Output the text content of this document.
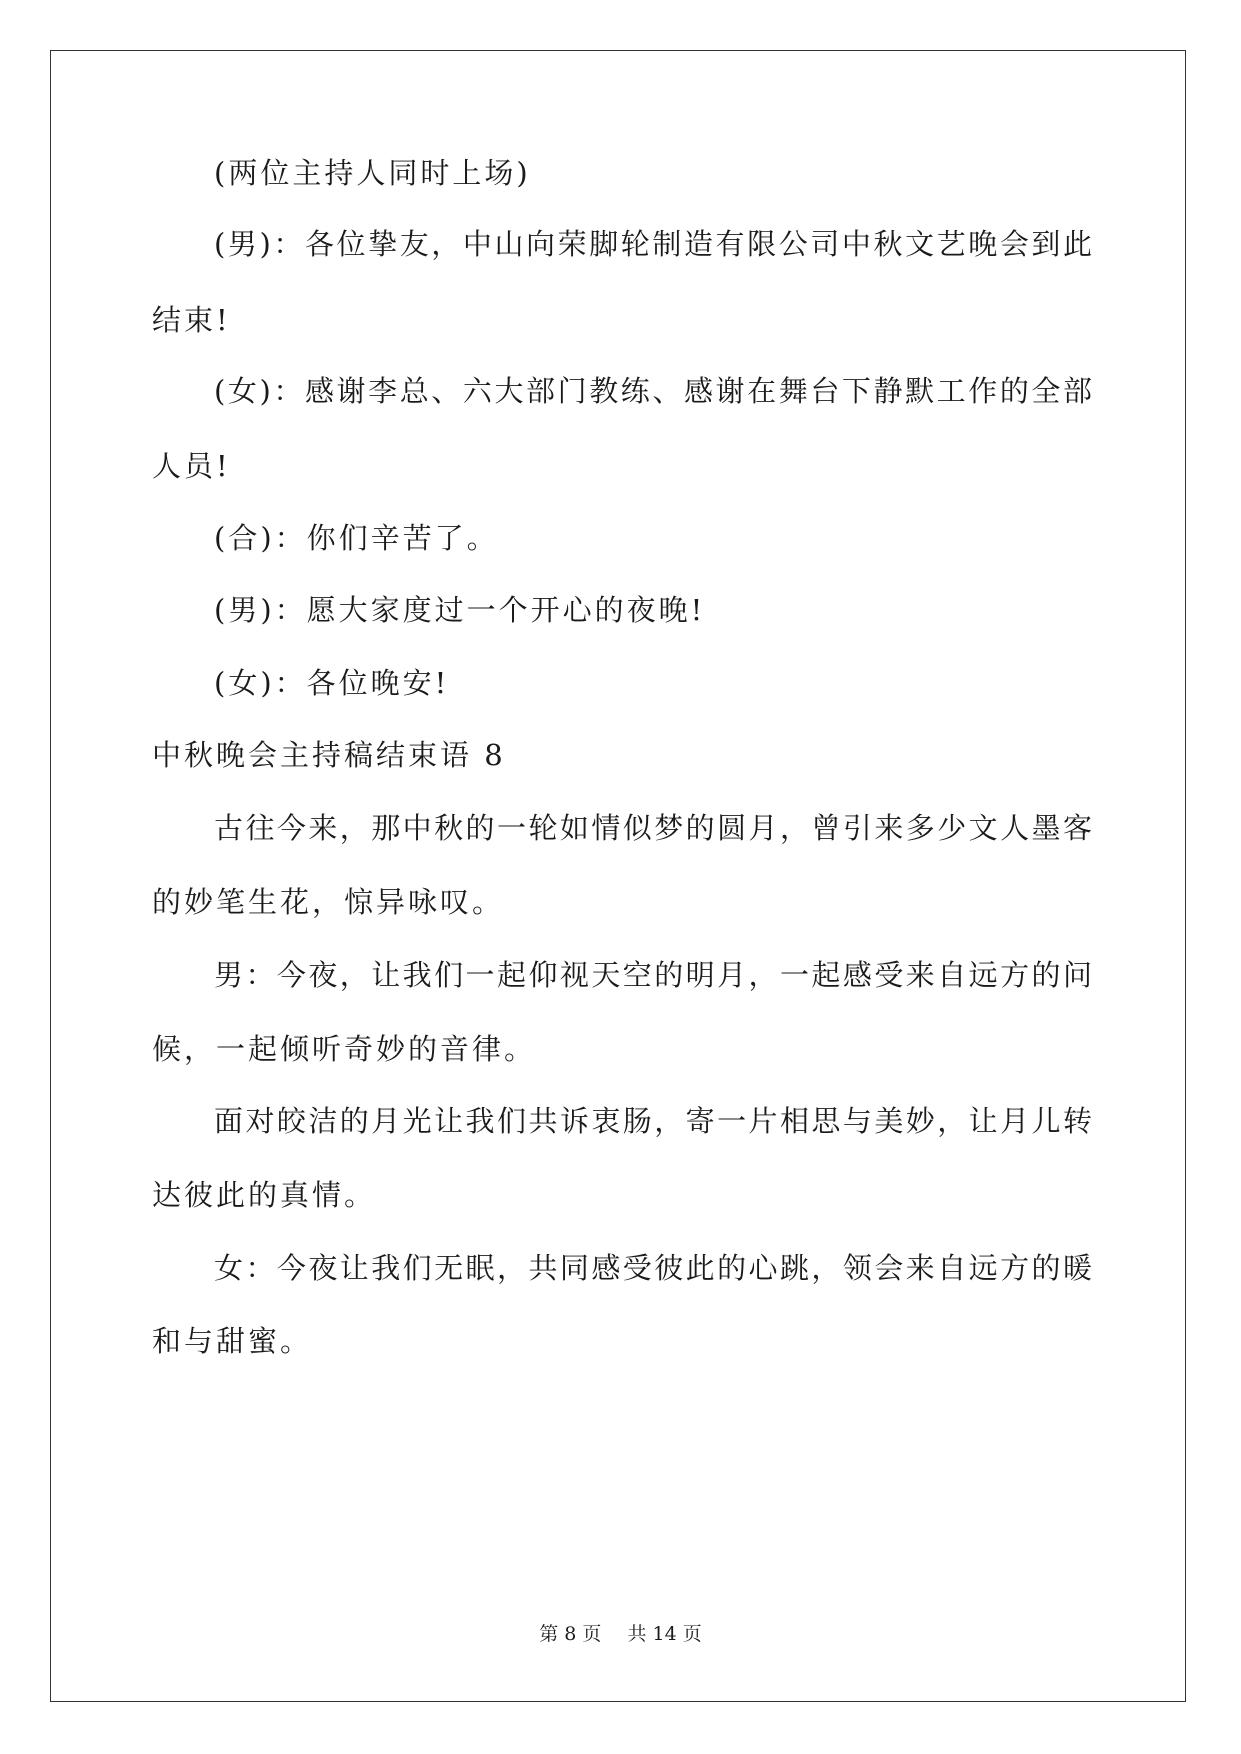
(两位主持人同时上场)
(男)：各位挚友，中山向荣脚轮制造有限公司中秋文艺晚会到此
结束!
(女)：感谢李总、六大部门教练、感谢在舞台下静默工作的全部
人员!
(合)：你们辛苦了。
(男)：愿大家度过一个开心的夜晚!
(女)：各位晚安!
中秋晚会主持稿结束语 8
古往今来，那中秋的一轮如情似梦的圆月，曾引来多少文人墨客
的妙笔生花，惊异咏叹。
男：今夜，让我们一起仰视天空的明月，一起感受来自远方的问
候，一起倾听奇妙的音律。
面对皎洁的月光让我们共诉衷肠，寄一片相思与美妙，让月儿转
达彼此的真情。
女：今夜让我们无眠，共同感受彼此的心跳，领会来自远方的暖
和与甜蜜。
第 8 页 共 14 页
